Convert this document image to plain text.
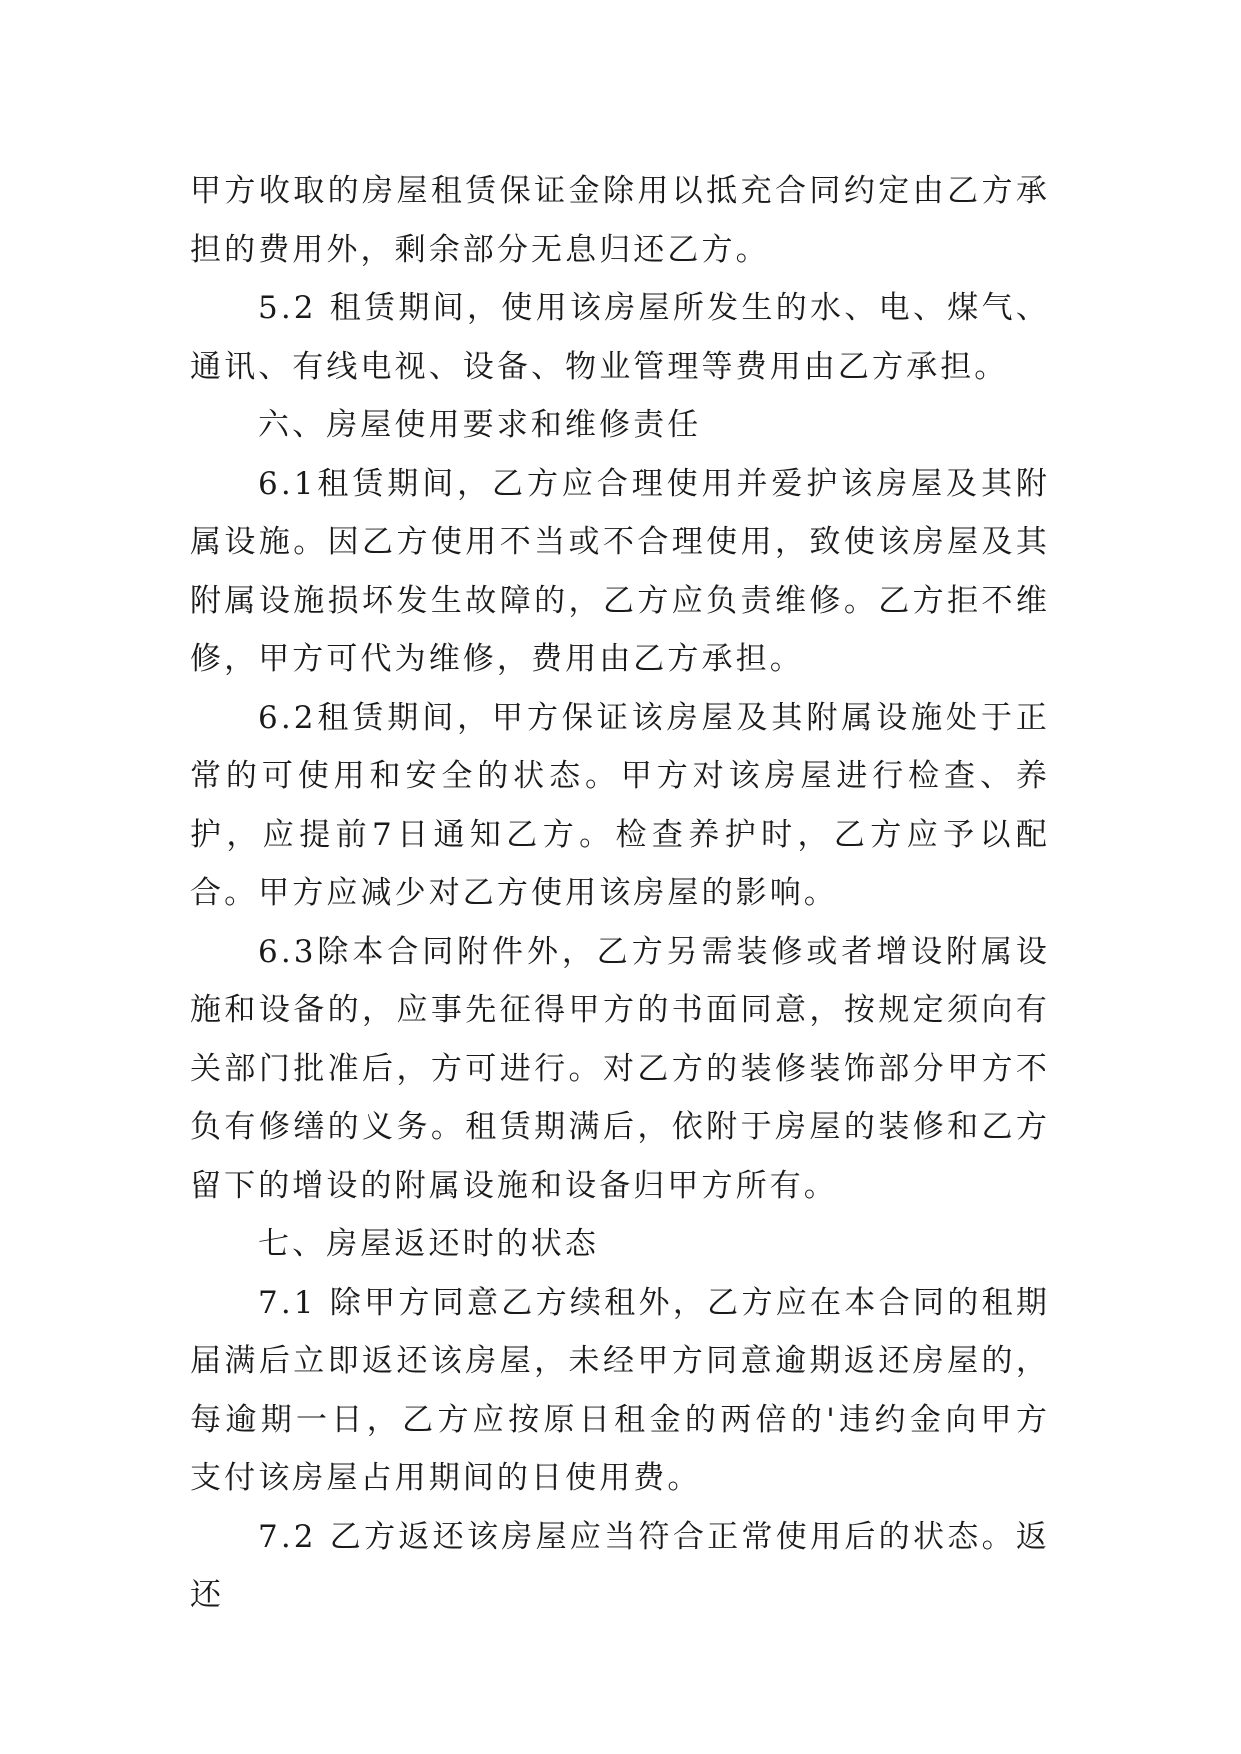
甲方收取的房屋租赁保证金除用以抵充合同约定由乙方承担的费用外，剩余部分无息归还乙方。

5.2 租赁期间，使用该房屋所发生的水、电、煤气、通讯、有线电视、设备、物业管理等费用由乙方承担。

六、房屋使用要求和维修责任

6.1租赁期间，乙方应合理使用并爱护该房屋及其附属设施。因乙方使用不当或不合理使用，致使该房屋及其附属设施损坏发生故障的，乙方应负责维修。乙方拒不维修，甲方可代为维修，费用由乙方承担。

6.2租赁期间，甲方保证该房屋及其附属设施处于正常的可使用和安全的状态。甲方对该房屋进行检查、养护，应提前7日通知乙方。检查养护时，乙方应予以配合。甲方应减少对乙方使用该房屋的影响。

6.3除本合同附件外，乙方另需装修或者增设附属设施和设备的，应事先征得甲方的书面同意，按规定须向有关部门批准后，方可进行。对乙方的装修装饰部分甲方不负有修缮的义务。租赁期满后，依附于房屋的装修和乙方留下的增设的附属设施和设备归甲方所有。

七、房屋返还时的状态

7.1 除甲方同意乙方续租外，乙方应在本合同的租期届满后立即返还该房屋，未经甲方同意逾期返还房屋的，每逾期一日，乙方应按原日租金的两倍的'违约金向甲方支付该房屋占用期间的日使用费。

7.2 乙方返还该房屋应当符合正常使用后的状态。返还
